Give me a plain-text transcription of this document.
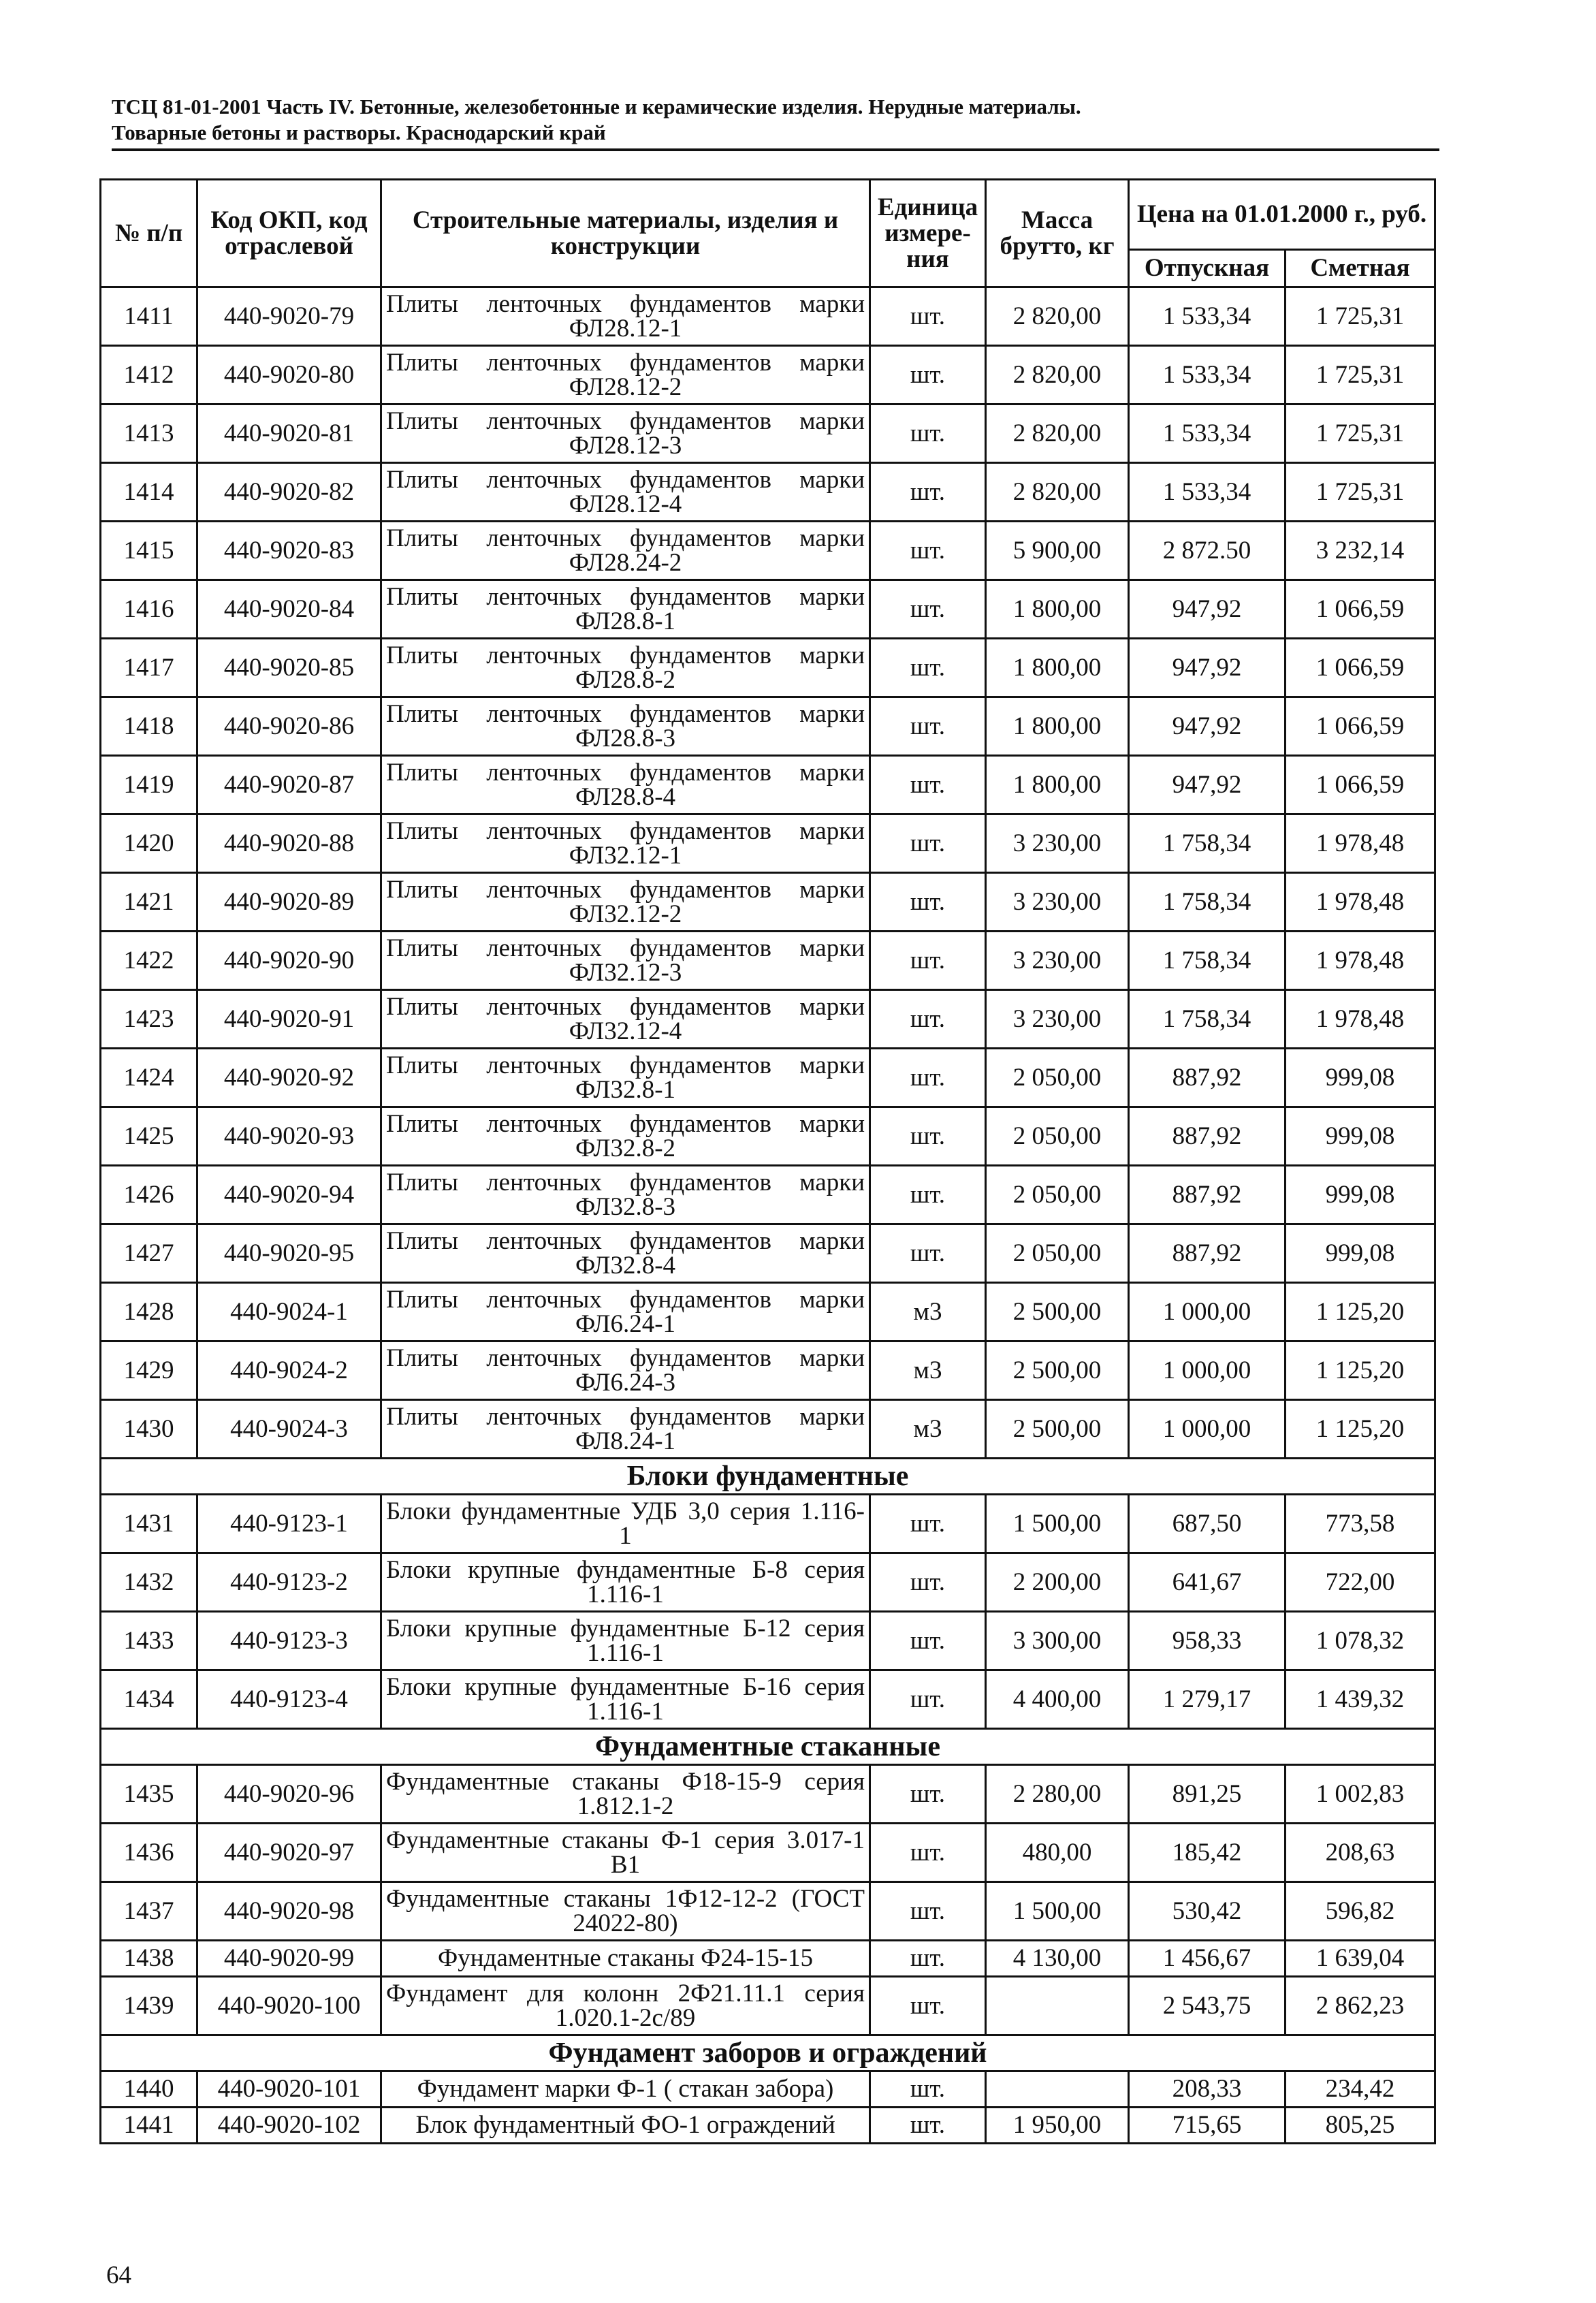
ТСЦ 81-01-2001 Часть IV. Бетонные, железобетонные и керамические изделия. Нерудные материалы.
Товарные бетоны и растворы. Краснодарский край
№ п/п	Код ОКП, код отраслевой	Строительные материалы, изделия и конструкции	Единица измере-ния	Масса брутто, кг	Цена на 01.01.2000 г., руб.	
					Отпускная	Сметная
1411	440-9020-79	Плиты ленточных фундаментов марки
ФЛ28.12-1	шт.	2 820,00	1 533,34	1 725,31
1412	440-9020-80	Плиты ленточных фундаментов марки
ФЛ28.12-2	шт.	2 820,00	1 533,34	1 725,31
1413	440-9020-81	Плиты ленточных фундаментов марки
ФЛ28.12-3	шт.	2 820,00	1 533,34	1 725,31
1414	440-9020-82	Плиты ленточных фундаментов марки
ФЛ28.12-4	шт.	2 820,00	1 533,34	1 725,31
1415	440-9020-83	Плиты ленточных фундаментов марки
ФЛ28.24-2	шт.	5 900,00	2 872.50	3 232,14
1416	440-9020-84	Плиты ленточных фундаментов марки
ФЛ28.8-1	шт.	1 800,00	947,92	1 066,59
1417	440-9020-85	Плиты ленточных фундаментов марки
ФЛ28.8-2	шт.	1 800,00	947,92	1 066,59
1418	440-9020-86	Плиты ленточных фундаментов марки
ФЛ28.8-3	шт.	1 800,00	947,92	1 066,59
1419	440-9020-87	Плиты ленточных фундаментов марки
ФЛ28.8-4	шт.	1 800,00	947,92	1 066,59
1420	440-9020-88	Плиты ленточных фундаментов марки
ФЛ32.12-1	шт.	3 230,00	1 758,34	1 978,48
1421	440-9020-89	Плиты ленточных фундаментов марки
ФЛ32.12-2	шт.	3 230,00	1 758,34	1 978,48
1422	440-9020-90	Плиты ленточных фундаментов марки
ФЛ32.12-3	шт.	3 230,00	1 758,34	1 978,48
1423	440-9020-91	Плиты ленточных фундаментов марки
ФЛ32.12-4	шт.	3 230,00	1 758,34	1 978,48
1424	440-9020-92	Плиты ленточных фундаментов марки
ФЛ32.8-1	шт.	2 050,00	887,92	999,08
1425	440-9020-93	Плиты ленточных фундаментов марки
ФЛ32.8-2	шт.	2 050,00	887,92	999,08
1426	440-9020-94	Плиты ленточных фундаментов марки
ФЛ32.8-3	шт.	2 050,00	887,92	999,08
1427	440-9020-95	Плиты ленточных фундаментов марки
ФЛ32.8-4	шт.	2 050,00	887,92	999,08
1428	440-9024-1	Плиты ленточных фундаментов марки
ФЛ6.24-1	м3	2 500,00	1 000,00	1 125,20
1429	440-9024-2	Плиты ленточных фундаментов марки
ФЛ6.24-3	м3	2 500,00	1 000,00	1 125,20
1430	440-9024-3	Плиты ленточных фундаментов марки
ФЛ8.24-1	м3	2 500,00	1 000,00	1 125,20
Блоки фундаментные						
1431	440-9123-1	Блоки фундаментные УДБ 3,0 серия 1.116-
1	шт.	1 500,00	687,50	773,58
1432	440-9123-2	Блоки крупные фундаментные Б-8 серия
1.116-1	шт.	2 200,00	641,67	722,00
1433	440-9123-3	Блоки крупные фундаментные Б-12 серия
1.116-1	шт.	3 300,00	958,33	1 078,32
1434	440-9123-4	Блоки крупные фундаментные Б-16 серия
1.116-1	шт.	4 400,00	1 279,17	1 439,32
Фундаментные стаканные						
1435	440-9020-96	Фундаментные стаканы Ф18-15-9 серия
1.812.1-2	шт.	2 280,00	891,25	1 002,83
1436	440-9020-97	Фундаментные стаканы Ф-1 серия 3.017-1
В1	шт.	480,00	185,42	208,63
1437	440-9020-98	Фундаментные стаканы 1Ф12-12-2 (ГОСТ
24022-80)	шт.	1 500,00	530,42	596,82
1438	440-9020-99	Фундаментные стаканы Ф24-15-15	шт.	4 130,00	1 456,67	1 639,04
1439	440-9020-100	Фундамент для колонн 2Ф21.11.1 серия
1.020.1-2с/89	шт.		2 543,75	2 862,23
Фундамент заборов и ограждений						
1440	440-9020-101	Фундамент марки Ф-1 ( стакан забора)	шт.		208,33	234,42
1441	440-9020-102	Блок фундаментный ФО-1 ограждений	шт.	1 950,00	715,65	805,25
64
